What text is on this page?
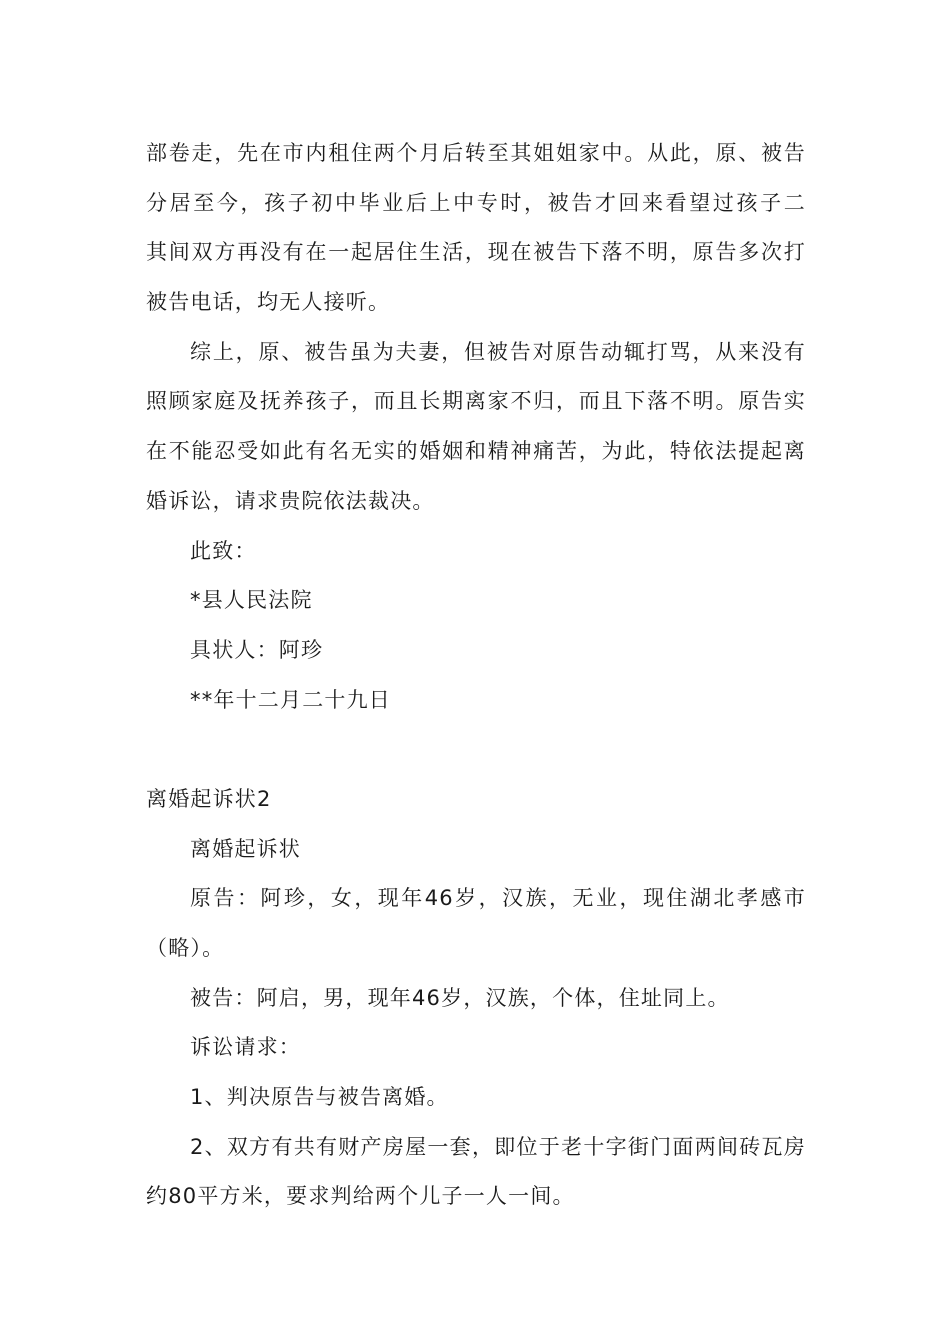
部卷走，先在市内租住两个月后转至其姐姐家中。从此，原、被告
分居至今，孩子初中毕业后上中专时，被告才回来看望过孩子二
其间双方再没有在一起居住生活，现在被告下落不明，原告多次打
被告电话，均无人接听。
综上，原、被告虽为夫妻，但被告对原告动辄打骂，从来没有
照顾家庭及抚养孩子，而且长期离家不归，而且下落不明。原告实
在不能忍受如此有名无实的婚姻和精神痛苦，为此，特依法提起离
婚诉讼，请求贵院依法裁决。
此致：
*县人民法院
具状人：阿珍
**年十二月二十九日
离婚起诉状2
离婚起诉状
原告：阿珍，女，现年46岁，汉族，无业，现住湖北孝感市
（略）。
被告：阿启，男，现年46岁，汉族，个体，住址同上。
诉讼请求：
1、判决原告与被告离婚。
2、双方有共有财产房屋一套，即位于老十字街门面两间砖瓦房
约80平方米，要求判给两个儿子一人一间。
